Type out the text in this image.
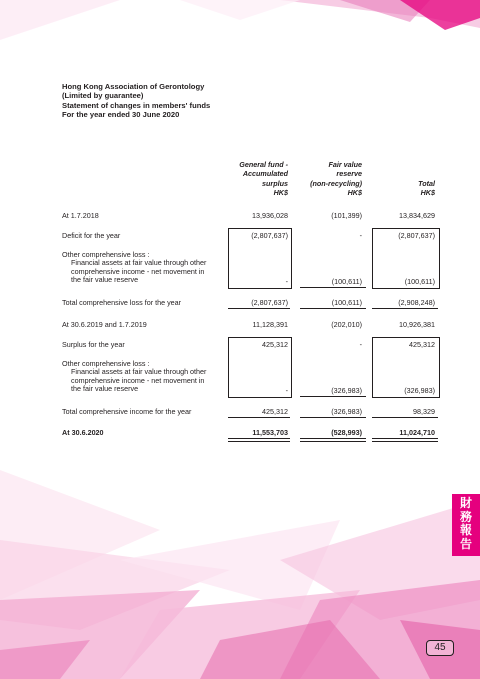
Hong Kong Association of Gerontology
(Limited by guarantee)
Statement of changes in members' funds
For the year ended 30 June 2020
General fund -
Accumulated
surplus
HK$
Fair value
reserve
(non-recycling)
HK$
Total
HK$
At 1.7.2018	13,936,028	(101,399)	13,834,629
Deficit for the year	(2,807,637)	-	(2,807,637)
Other comprehensive loss :
Financial assets at fair value through other
comprehensive income - net movement in
the fair value reserve	-	(100,611)	(100,611)
Total comprehensive loss for the year	(2,807,637)	(100,611)	(2,908,248)
At 30.6.2019 and 1.7.2019	11,128,391	(202,010)	10,926,381
Surplus for the year	425,312	-	425,312
Other comprehensive loss :
Financial assets at fair value through other
comprehensive income - net movement in
the fair value reserve	-	(326,983)	(326,983)
Total comprehensive income for the year	425,312	(326,983)	98,329
At 30.6.2020	11,553,703	(528,993)	11,024,710
財
務
報
告
45
